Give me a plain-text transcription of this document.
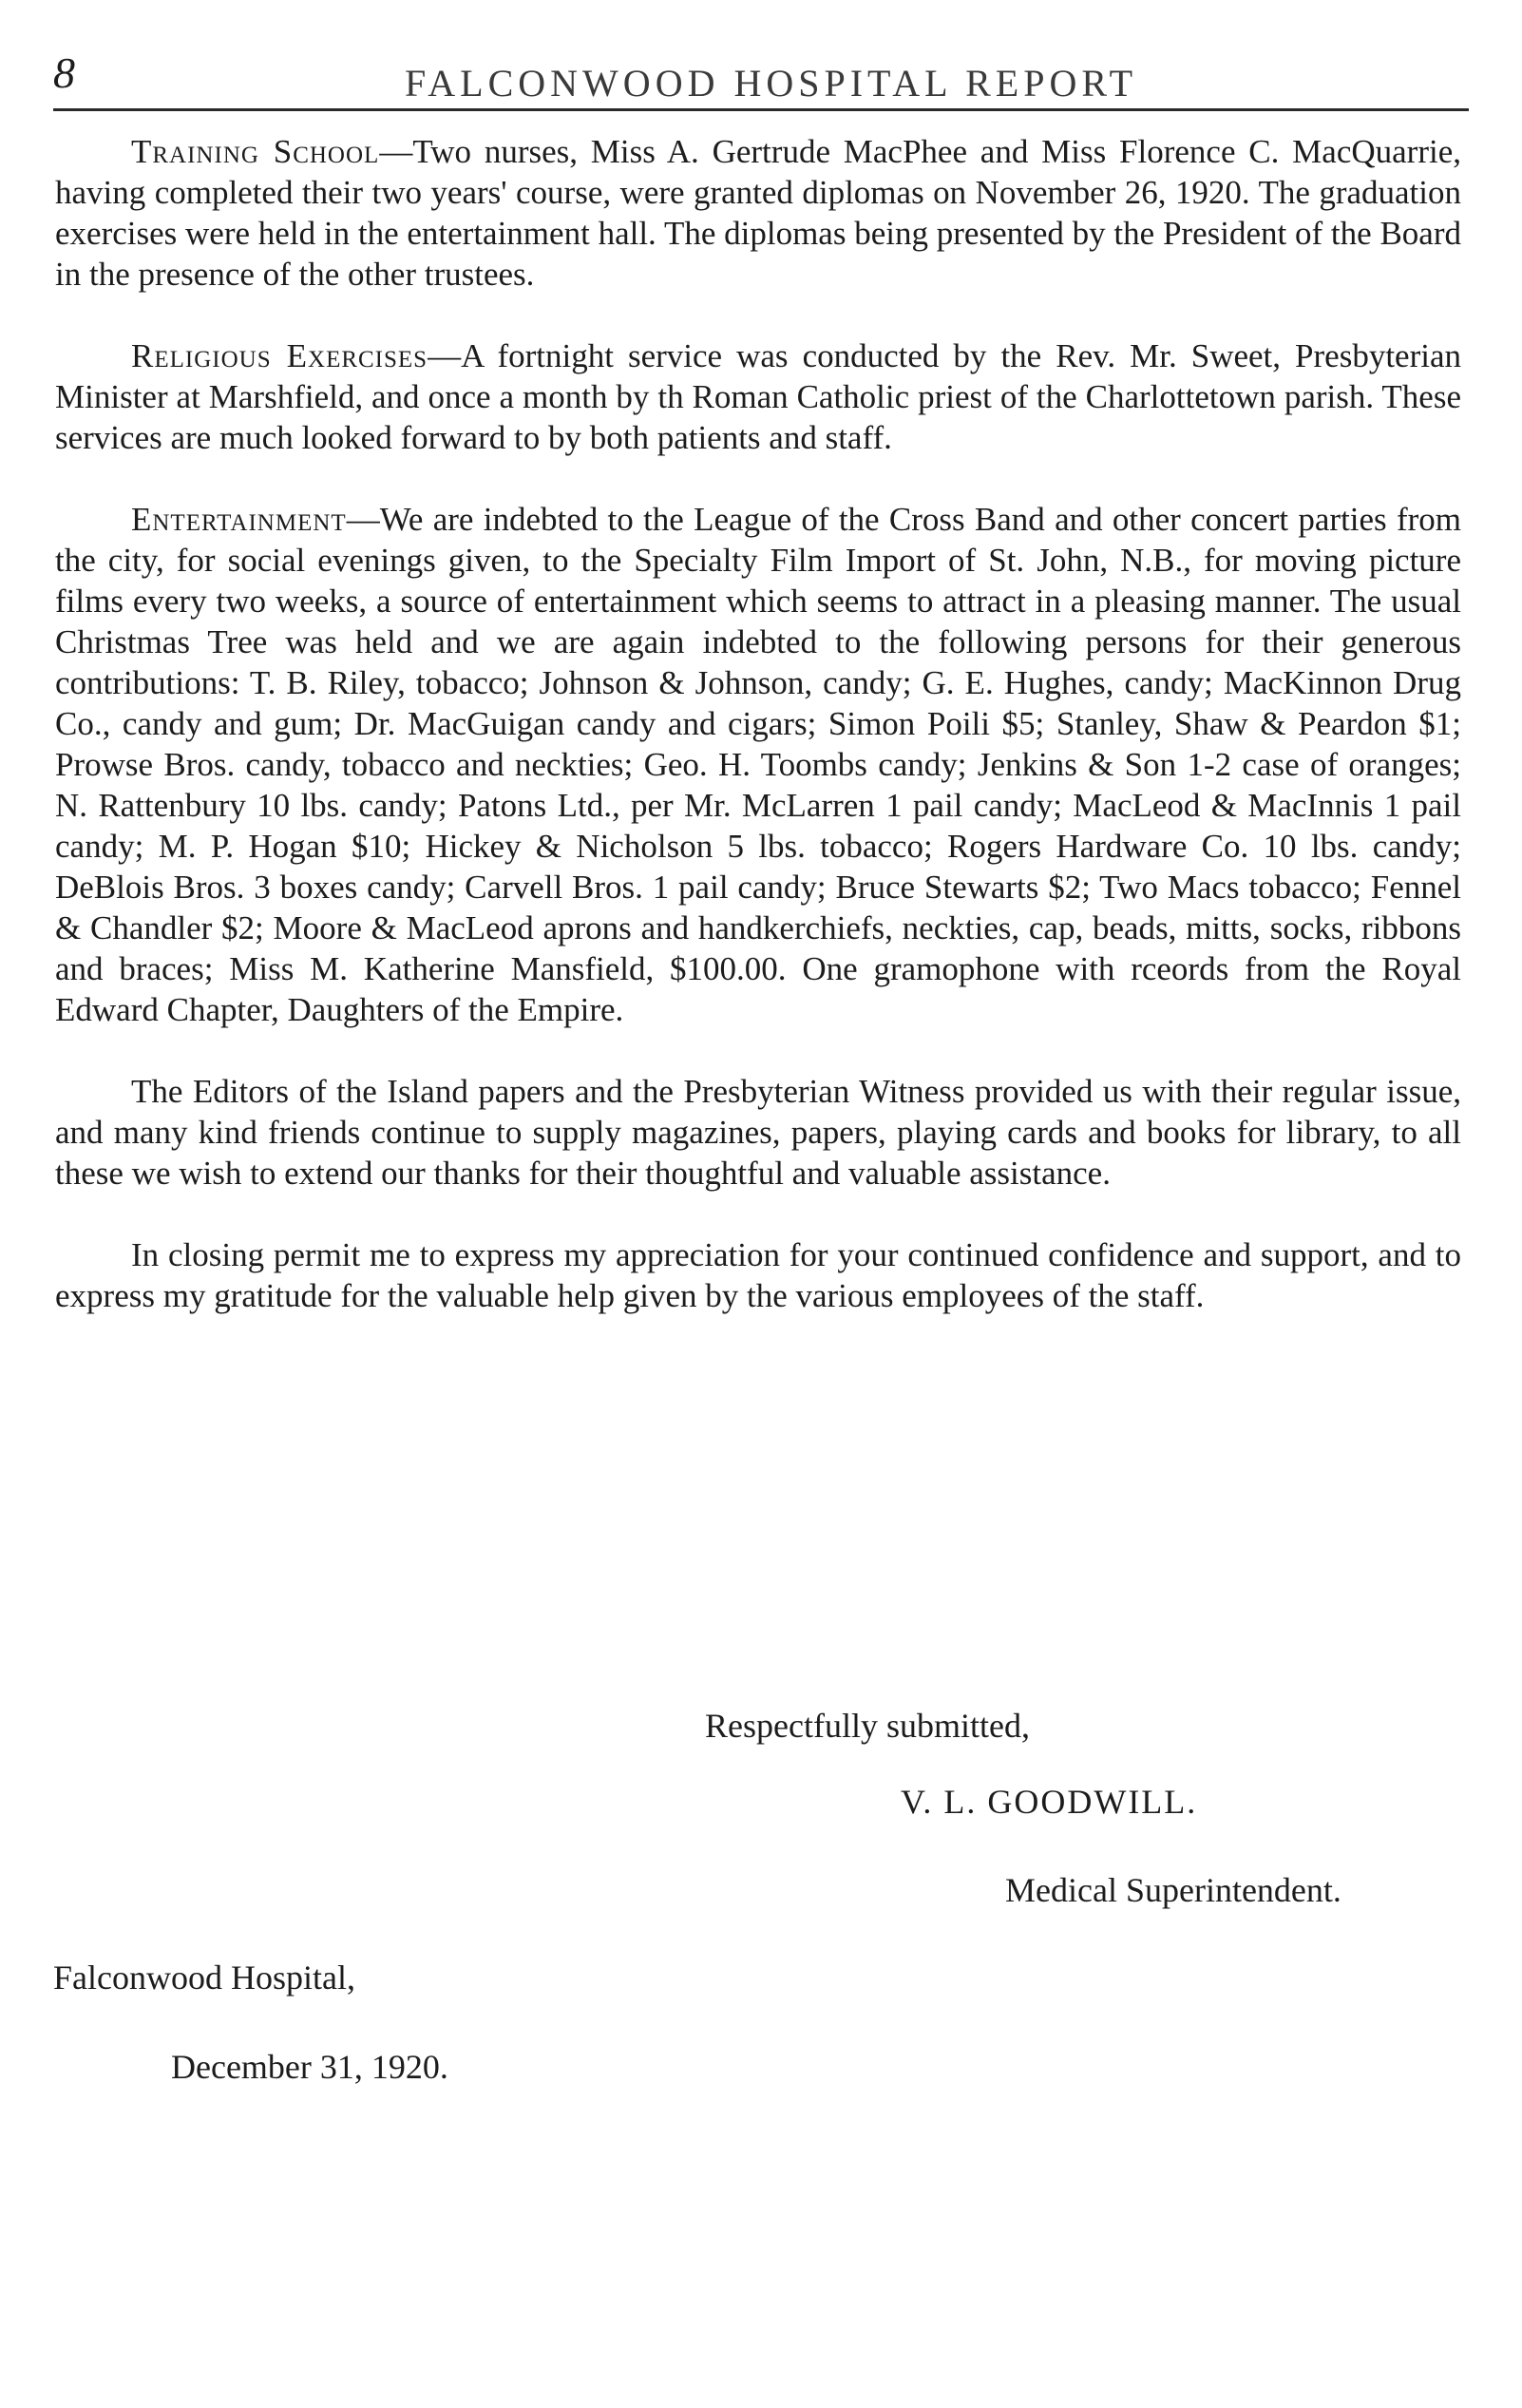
8	FALCONWOOD HOSPITAL REPORT

Training School—Two nurses, Miss A. Gertrude MacPhee and Miss Florence C. MacQuarrie, having completed their two years' course, were granted diplomas on November 26, 1920. The graduation exercises were held in the entertainment hall. The diplomas being presented by the President of the Board in the presence of the other trustees.

Religious Exercises—A fortnight service was conducted by the Rev. Mr. Sweet, Presbyterian Minister at Marshfield, and once a month by th Roman Catholic priest of the Charlottetown parish. These services are much looked forward to by both patients and staff.

Entertainment—We are indebted to the League of the Cross Band and other concert parties from the city, for social evenings given, to the Specialty Film Import of St. John, N.B., for moving picture films every two weeks, a source of entertainment which seems to attract in a pleasing manner. The usual Christmas Tree was held and we are again indebted to the following persons for their generous contributions: T. B. Riley, tobacco; Johnson & Johnson, candy; G. E. Hughes, candy; MacKinnon Drug Co., candy and gum; Dr. MacGuigan candy and cigars; Simon Poili $5; Stanley, Shaw & Peardon $1; Prowse Bros. candy, tobacco and neckties; Geo. H. Toombs candy; Jenkins & Son 1-2 case of oranges; N. Rattenbury 10 lbs. candy; Patons Ltd., per Mr. McLarren 1 pail candy; MacLeod & MacInnis 1 pail candy; M. P. Hogan $10; Hickey & Nicholson 5 lbs. tobacco; Rogers Hardware Co. 10 lbs. candy; DeBlois Bros. 3 boxes candy; Carvell Bros. 1 pail candy; Bruce Stewarts $2; Two Macs tobacco; Fennel & Chandler $2; Moore & MacLeod aprons and handkerchiefs, neckties, cap, beads, mitts, socks, ribbons and braces; Miss M. Katherine Mansfield, $100.00. One gramophone with rceords from the Royal Edward Chapter, Daughters of the Empire.

The Editors of the Island papers and the Presbyterian Witness provided us with their regular issue, and many kind friends continue to supply magazines, papers, playing cards and books for library, to all these we wish to extend our thanks for their thoughtful and valuable assistance.

In closing permit me to express my appreciation for your continued confidence and support, and to express my gratitude for the valuable help given by the various employees of the staff.

Respectfully submitted,
V. L. GOODWILL.
Medical Superintendent.
Falconwood Hospital,
December 31, 1920.
